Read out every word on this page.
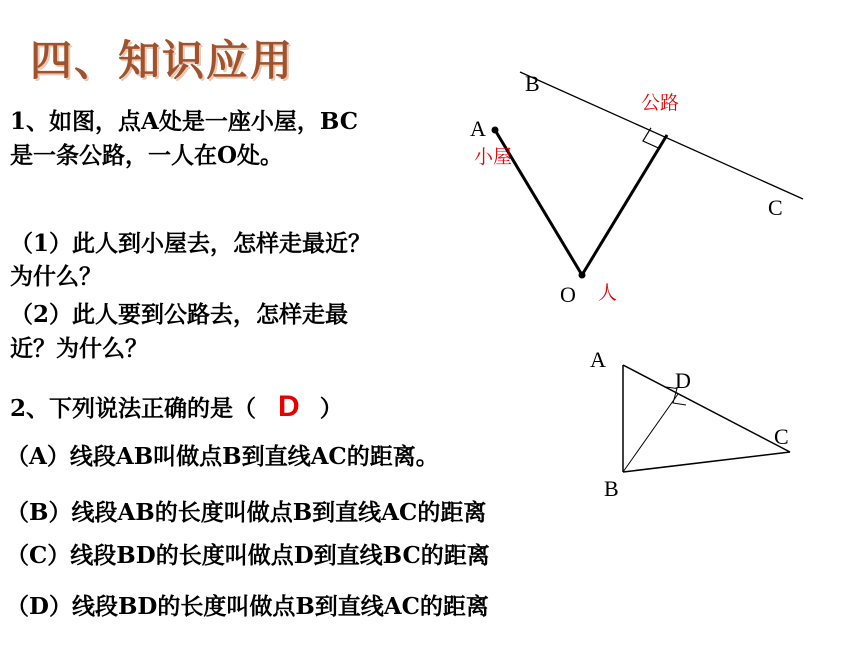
四、知识应用
1、如图，点A处是一座小屋，BC
是一条公路，一人在O处。
（1）此人到小屋去，怎样走最近？
为什么？
（2）此人要到公路去，怎样走最
近？为什么？
2、下列说法正确的是（ D ）
（A）线段AB叫做点B到直线AC的距离。
（B）线段AB的长度叫做点B到直线AC的距离
（C）线段BD的长度叫做点D到直线BC的距离
（D）线段BD的长度叫做点B到直线AC的距离
B
C
A
O
公路
小屋
人
A
D
C
B
